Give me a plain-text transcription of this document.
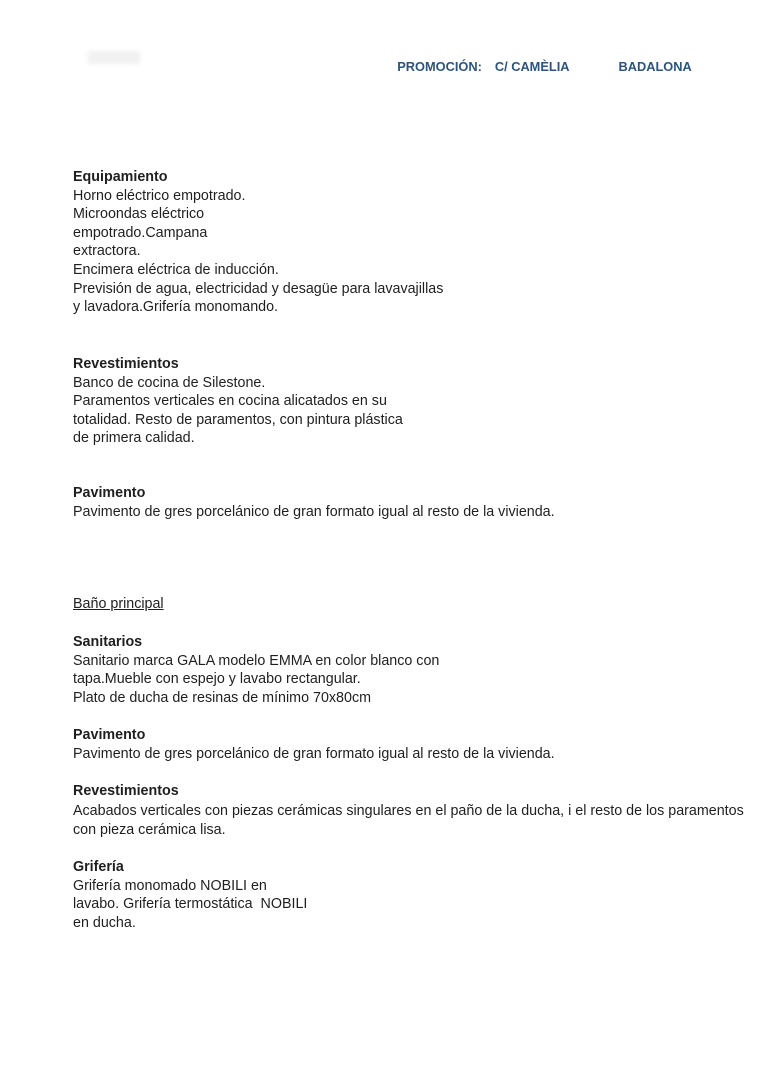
PROMOCIÓN: C/ CAMÈLIA	BADALONA

Equipamiento
Horno eléctrico empotrado.
Microondas eléctrico
empotrado.Campana
extractora.
Encimera eléctrica de inducción.
Previsión de agua, electricidad y desagüe para lavavajillas
y lavadora.Grifería monomando.
Revestimientos
Banco de cocina de Silestone.
Paramentos verticales en cocina alicatados en su
totalidad. Resto de paramentos, con pintura plástica
de primera calidad.
Pavimento
Pavimento de gres porcelánico de gran formato igual al resto de la vivienda.
Baño principal
Sanitarios
Sanitario marca GALA modelo EMMA en color blanco con
tapa.Mueble con espejo y lavabo rectangular.
Plato de ducha de resinas de mínimo 70x80cm
Pavimento
Pavimento de gres porcelánico de gran formato igual al resto de la vivienda.
Revestimientos
Acabados verticales con piezas cerámicas singulares en el paño de la ducha, i el resto de los paramentos
con pieza cerámica lisa.
Grifería
Grifería monomado NOBILI en
lavabo. Grifería termostática  NOBILI
en ducha.
